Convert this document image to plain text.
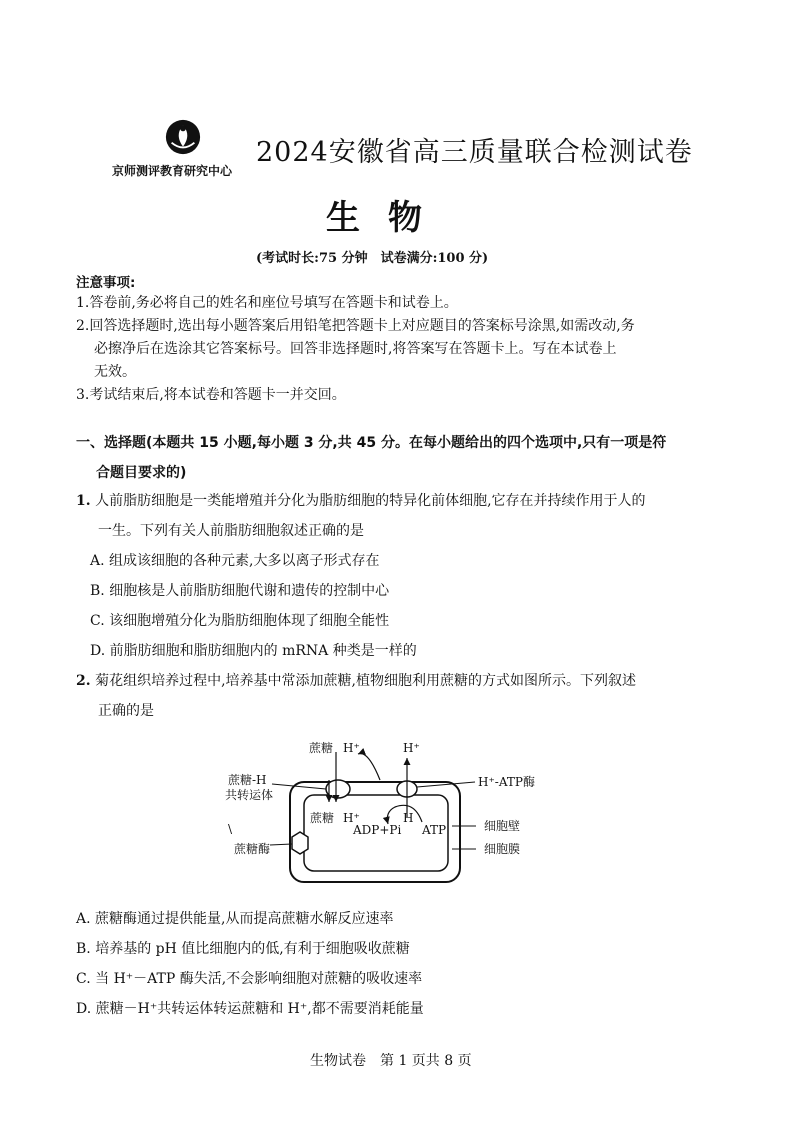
京师测评教育研究中心
2024安徽省高三质量联合检测试卷
生物
(考试时长:75 分钟　试卷满分:100 分)
注意事项:

1.答卷前,务必将自己的姓名和座位号填写在答题卡和试卷上。

2.回答选择题时,选出每小题答案后用铅笔把答题卡上对应题目的答案标号涂黑,如需改动,务

必擦净后在选涂其它答案标号。回答非选择题时,将答案写在答题卡上。写在本试卷上

无效。

3.考试结束后,将本试卷和答题卡一并交回。

一、选择题(本题共 15 小题,每小题 3 分,共 45 分。在每小题给出的四个选项中,只有一项是符
合题目要求的)
1. 人前脂肪细胞是一类能增殖并分化为脂肪细胞的特异化前体细胞,它存在并持续作用于人的
一生。下列有关人前脂肪细胞叙述正确的是
A. 组成该细胞的各种元素,大多以离子形式存在
B. 细胞核是人前脂肪细胞代谢和遗传的控制中心
C. 该细胞增殖分化为脂肪细胞体现了细胞全能性
D. 前脂肪细胞和脂肪细胞内的 mRNA 种类是一样的
2. 菊花组织培养过程中,培养基中常添加蔗糖,植物细胞利用蔗糖的方式如图所示。下列叙述
正确的是
蔗糖 H⁺	H⁺
蔗糖-H
共转运体
H⁺-ATP酶
蔗糖 H⁺
ADP+Pi
H
ATP	细胞壁
蔗糖酶	细胞膜
\
A. 蔗糖酶通过提供能量,从而提高蔗糖水解反应速率
B. 培养基的 pH 值比细胞内的低,有利于细胞吸收蔗糖
C. 当 H⁺－ATP 酶失活,不会影响细胞对蔗糖的吸收速率
D. 蔗糖－H⁺共转运体转运蔗糖和 H⁺,都不需要消耗能量
生物试卷　第 1 页共 8 页
